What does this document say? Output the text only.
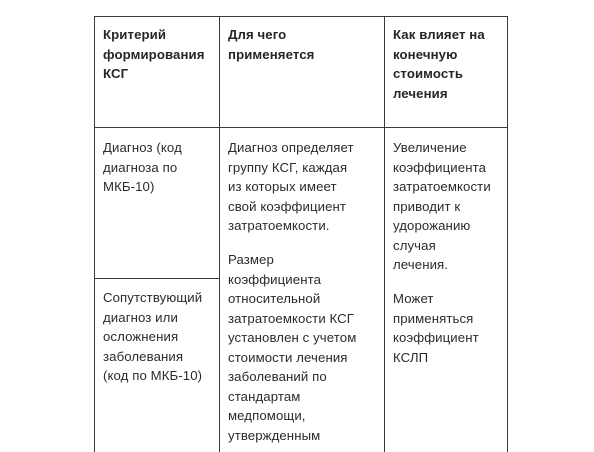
Критерий
формирования
КСГ

Для чего
применяется

Как влияет на
конечную
стоимость
лечения

Диагноз (код
диагноза по
МКБ-10)

Диагноз определяет
группу КСГ, каждая
из которых имеет
свой коэффициент
затратоемкости.

Увеличение
коэффициента
затратоемкости
приводит к
удорожанию
случая
лечения.

Сопутствующий
диагноз или
осложнения
заболевания
(код по МКБ-10)

Размер
коэффициента
относительной
затратоемкости КСГ
установлен с учетом
стоимости лечения
заболеваний по
стандартам
медпомощи,
утвержденным

Может
применяться
коэффициент
КСЛП
